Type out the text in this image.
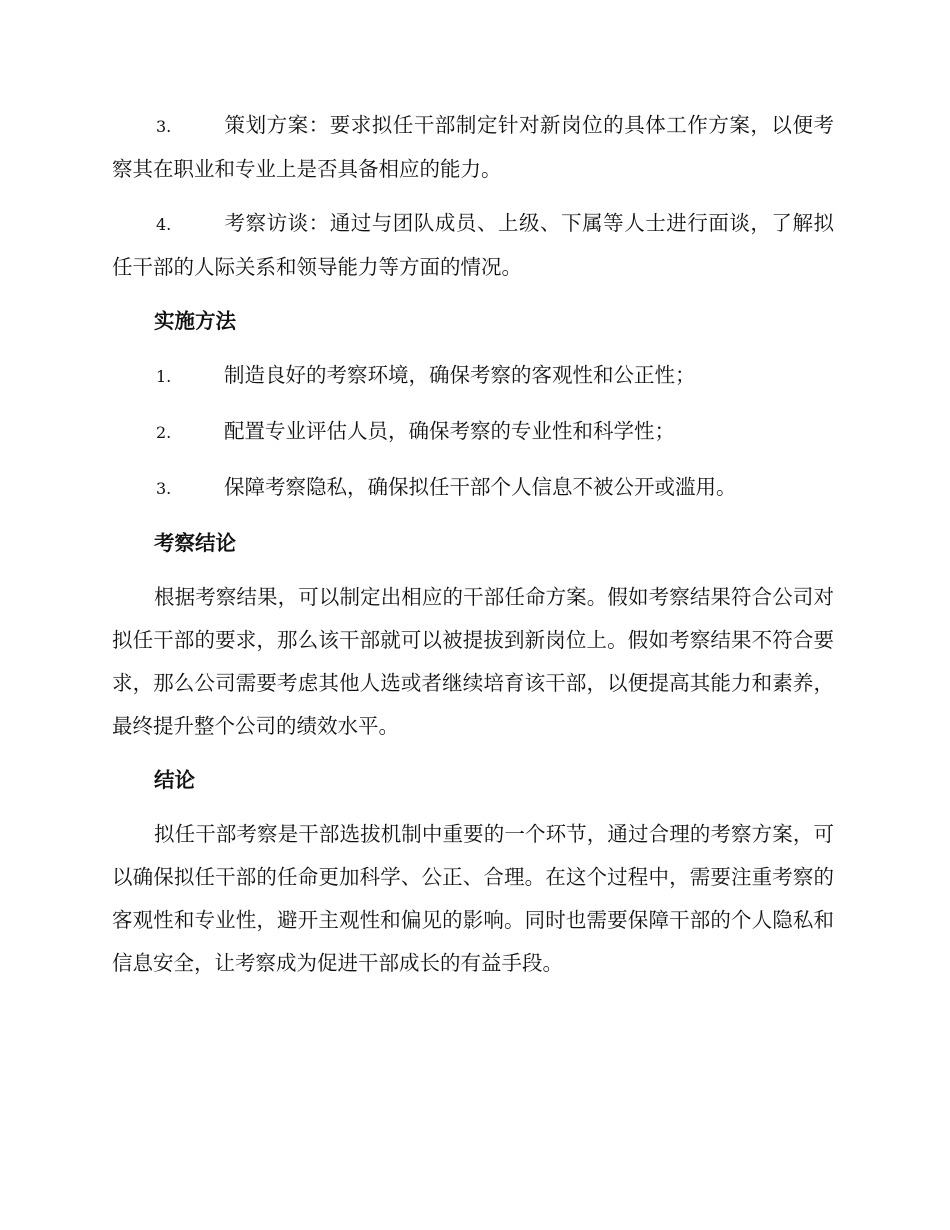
3.	策划方案：要求拟任干部制定针对新岗位的具体工作方案，以便考察其在职业和专业上是否具备相应的能力。
4.	考察访谈：通过与团队成员、上级、下属等人士进行面谈，了解拟任干部的人际关系和领导能力等方面的情况。
实施方法
1.	制造良好的考察环境，确保考察的客观性和公正性；
2.	配置专业评估人员，确保考察的专业性和科学性；
3.	保障考察隐私，确保拟任干部个人信息不被公开或滥用。
考察结论

根据考察结果，可以制定出相应的干部任命方案。假如考察结果符合公司对拟任干部的要求，那么该干部就可以被提拔到新岗位上。假如考察结果不符合要求，那么公司需要考虑其他人选或者继续培育该干部，以便提高其能力和素养，最终提升整个公司的绩效水平。

结论

拟任干部考察是干部选拔机制中重要的一个环节，通过合理的考察方案，可以确保拟任干部的任命更加科学、公正、合理。在这个过程中，需要注重考察的客观性和专业性，避开主观性和偏见的影响。同时也需要保障干部的个人隐私和信息安全，让考察成为促进干部成长的有益手段。
